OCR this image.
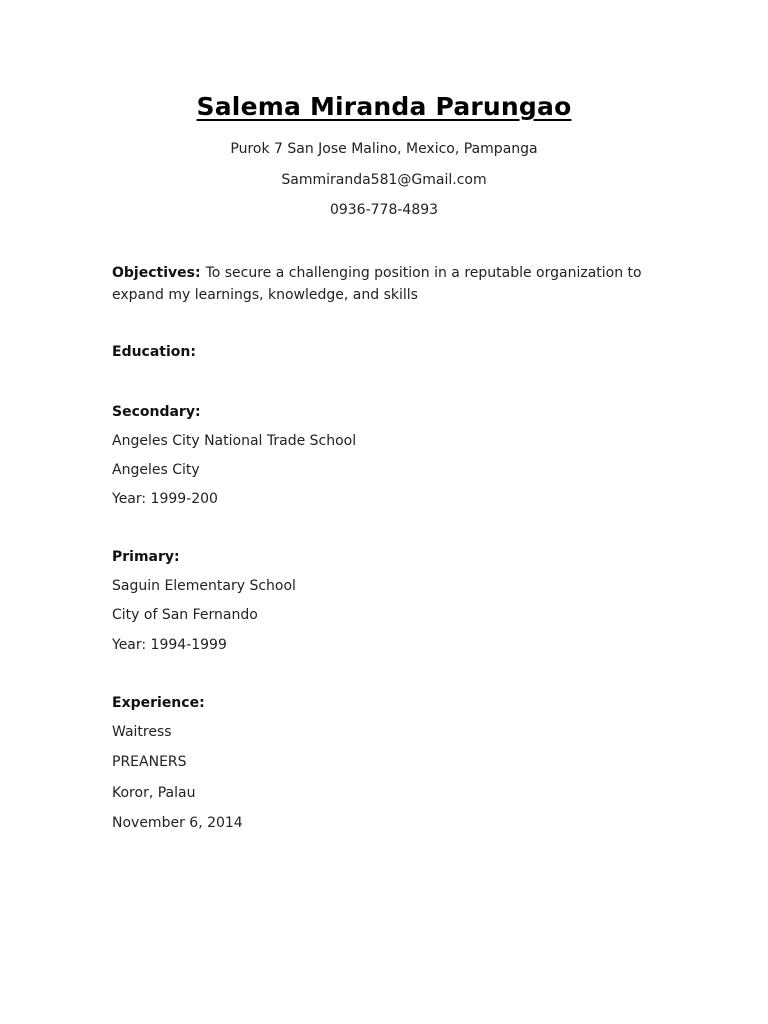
Salema Miranda Parungao
Purok 7 San Jose Malino, Mexico, Pampanga
Sammiranda581@Gmail.com
0936-778-4893
Objectives: To secure a challenging position in a reputable organization to expand my learnings, knowledge, and skills
Education:
Secondary:
Angeles City National Trade School
Angeles City
Year: 1999-200
Primary:
Saguin Elementary School
City of San Fernando
Year: 1994-1999
Experience:
Waitress
PREANERS
Koror, Palau
November 6, 2014
